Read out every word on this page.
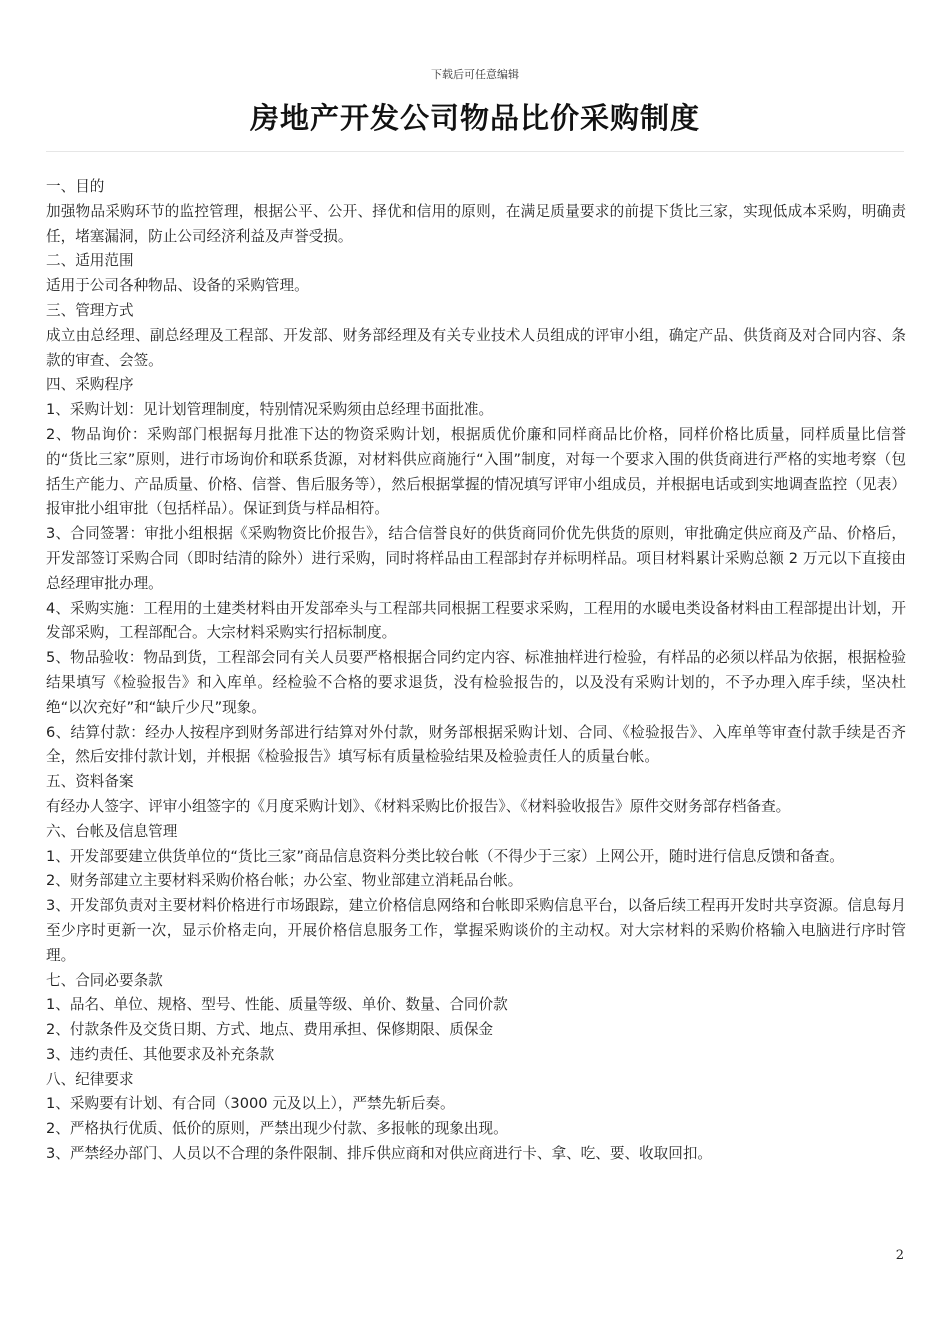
下载后可任意编辑
房地产开发公司物品比价采购制度

一、目的

加强物品采购环节的监控管理，根据公平、公开、择优和信用的原则，在满足质量要求的前提下货比三家，实现低成本采购，明确责任，堵塞漏洞，防止公司经济利益及声誉受损。

二、适用范围

适用于公司各种物品、设备的采购管理。

三、管理方式

成立由总经理、副总经理及工程部、开发部、财务部经理及有关专业技术人员组成的评审小组，确定产品、供货商及对合同内容、条款的审查、会签。

四、采购程序

1、采购计划：见计划管理制度，特别情况采购须由总经理书面批准。

2、物品询价：采购部门根据每月批准下达的物资采购计划，根据质优价廉和同样商品比价格，同样价格比质量，同样质量比信誉的“货比三家”原则，进行市场询价和联系货源，对材料供应商施行“入围”制度，对每一个要求入围的供货商进行严格的实地考察（包括生产能力、产品质量、价格、信誉、售后服务等），然后根据掌握的情况填写评审小组成员，并根据电话或到实地调查监控（见表）报审批小组审批（包括样品）。保证到货与样品相符。

3、合同签署：审批小组根据《采购物资比价报告》，结合信誉良好的供货商同价优先供货的原则，审批确定供应商及产品、价格后，开发部签订采购合同（即时结清的除外）进行采购，同时将样品由工程部封存并标明样品。项目材料累计采购总额 2 万元以下直接由总经理审批办理。

4、采购实施：工程用的土建类材料由开发部牵头与工程部共同根据工程要求采购，工程用的水暖电类设备材料由工程部提出计划，开发部采购，工程部配合。大宗材料采购实行招标制度。

5、物品验收：物品到货，工程部会同有关人员要严格根据合同约定内容、标准抽样进行检验，有样品的必须以样品为依据，根据检验结果填写《检验报告》和入库单。经检验不合格的要求退货，没有检验报告的，以及没有采购计划的，不予办理入库手续，坚决杜绝“以次充好”和“缺斤少尺”现象。

6、结算付款：经办人按程序到财务部进行结算对外付款，财务部根据采购计划、合同、《检验报告》、入库单等审查付款手续是否齐全，然后安排付款计划，并根据《检验报告》填写标有质量检验结果及检验责任人的质量台帐。

五、资料备案

有经办人签字、评审小组签字的《月度采购计划》、《材料采购比价报告》、《材料验收报告》原件交财务部存档备查。

六、台帐及信息管理

1、开发部要建立供货单位的“货比三家”商品信息资料分类比较台帐（不得少于三家）上网公开，随时进行信息反馈和备查。

2、财务部建立主要材料采购价格台帐；办公室、物业部建立消耗品台帐。

3、开发部负责对主要材料价格进行市场跟踪，建立价格信息网络和台帐即采购信息平台，以备后续工程再开发时共享资源。信息每月至少序时更新一次，显示价格走向，开展价格信息服务工作，掌握采购谈价的主动权。对大宗材料的采购价格输入电脑进行序时管理。

七、合同必要条款

1、品名、单位、规格、型号、性能、质量等级、单价、数量、合同价款

2、付款条件及交货日期、方式、地点、费用承担、保修期限、质保金

3、违约责任、其他要求及补充条款

八、纪律要求

1、采购要有计划、有合同（3000 元及以上），严禁先斩后奏。

2、严格执行优质、低价的原则，严禁出现少付款、多报帐的现象出现。

3、严禁经办部门、人员以不合理的条件限制、排斥供应商和对供应商进行卡、拿、吃、要、收取回扣。

2
